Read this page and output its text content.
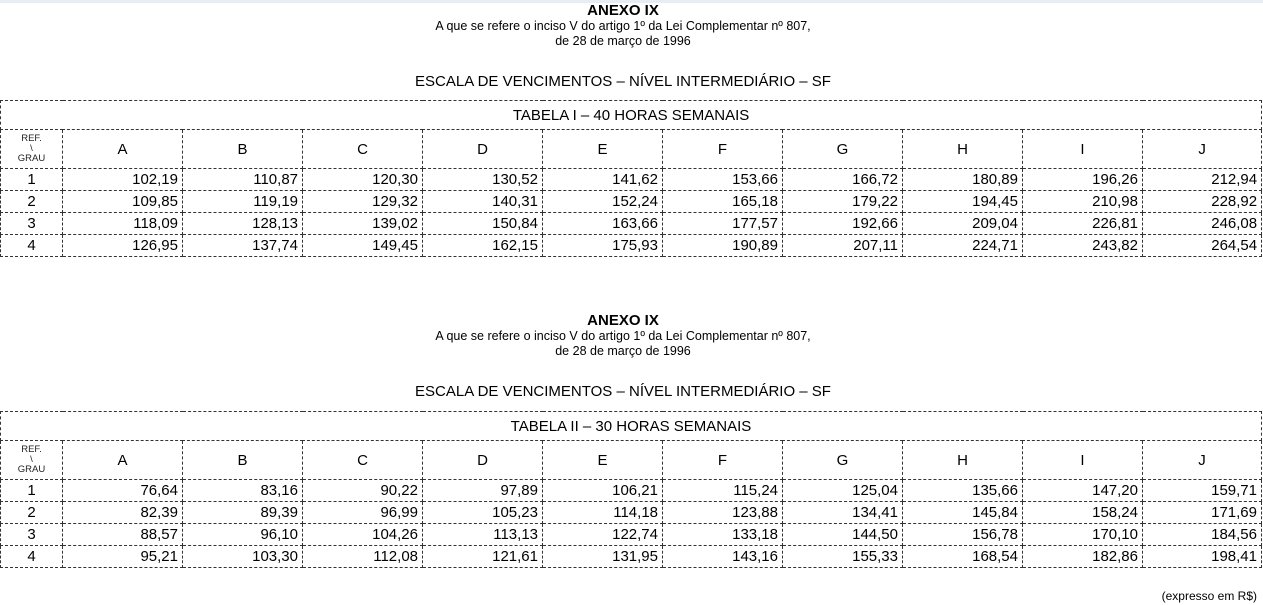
ANEXO IX
A que se refere o inciso V do artigo 1º da Lei Complementar nº 807,
de 28 de março de 1996
ESCALA DE VENCIMENTOS – NÍVEL INTERMEDIÁRIO – SF
TABELA I – 40 HORAS SEMANAIS										

REF.
\
GRAU	A	B	C	D	E	F	G	H	I	J
1	102,19	110,87	120,30	130,52	141,62	153,66	166,72	180,89	196,26	212,94
2	109,85	119,19	129,32	140,31	152,24	165,18	179,22	194,45	210,98	228,92
3	118,09	128,13	139,02	150,84	163,66	177,57	192,66	209,04	226,81	246,08
4	126,95	137,74	149,45	162,15	175,93	190,89	207,11	224,71	243,82	264,54
ANEXO IX
A que se refere o inciso V do artigo 1º da Lei Complementar nº 807,
de 28 de março de 1996
ESCALA DE VENCIMENTOS – NÍVEL INTERMEDIÁRIO – SF
TABELA II – 30 HORAS SEMANAIS										

REF.
\
GRAU	A	B	C	D	E	F	G	H	I	J
1	76,64	83,16	90,22	97,89	106,21	115,24	125,04	135,66	147,20	159,71
2	82,39	89,39	96,99	105,23	114,18	123,88	134,41	145,84	158,24	171,69
3	88,57	96,10	104,26	113,13	122,74	133,18	144,50	156,78	170,10	184,56
4	95,21	103,30	112,08	121,61	131,95	143,16	155,33	168,54	182,86	198,41
(expresso em R$)
